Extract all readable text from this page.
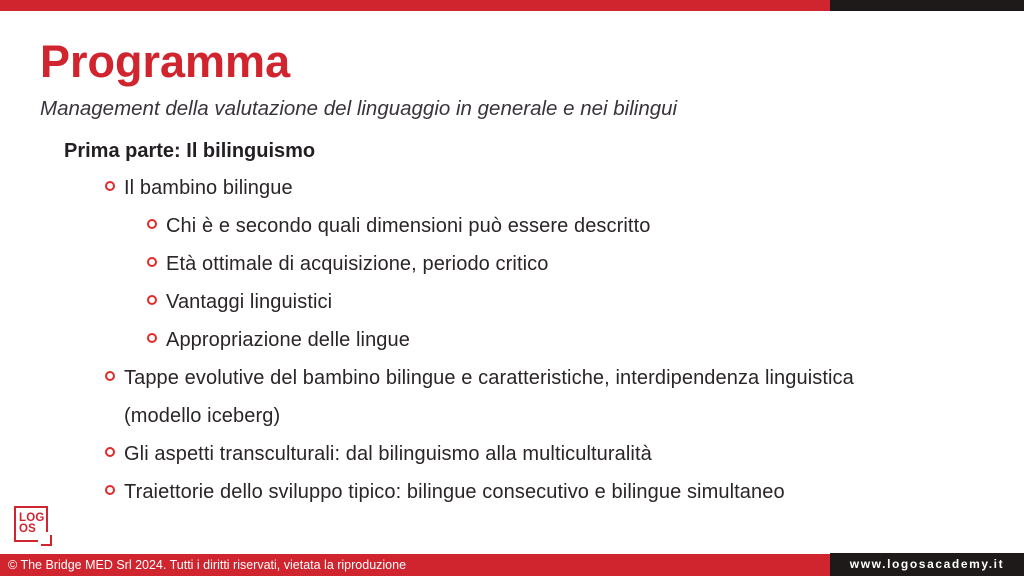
Programma
Management della valutazione del linguaggio in generale e nei bilingui
Prima parte: Il bilinguismo
Il bambino bilingue
Chi è e secondo quali dimensioni può essere descritto
Età ottimale di acquisizione, periodo critico
Vantaggi linguistici
Appropriazione delle lingue
Tappe evolutive del bambino bilingue e caratteristiche, interdipendenza linguistica (modello iceberg)
Gli aspetti transculturali: dal bilinguismo alla multiculturalità
Traiettorie dello sviluppo tipico: bilingue consecutivo e bilingue simultaneo
LOG
OS
© The Bridge MED Srl 2024. Tutti i diritti riservati, vietata la riproduzione	www.logosacademy.it
